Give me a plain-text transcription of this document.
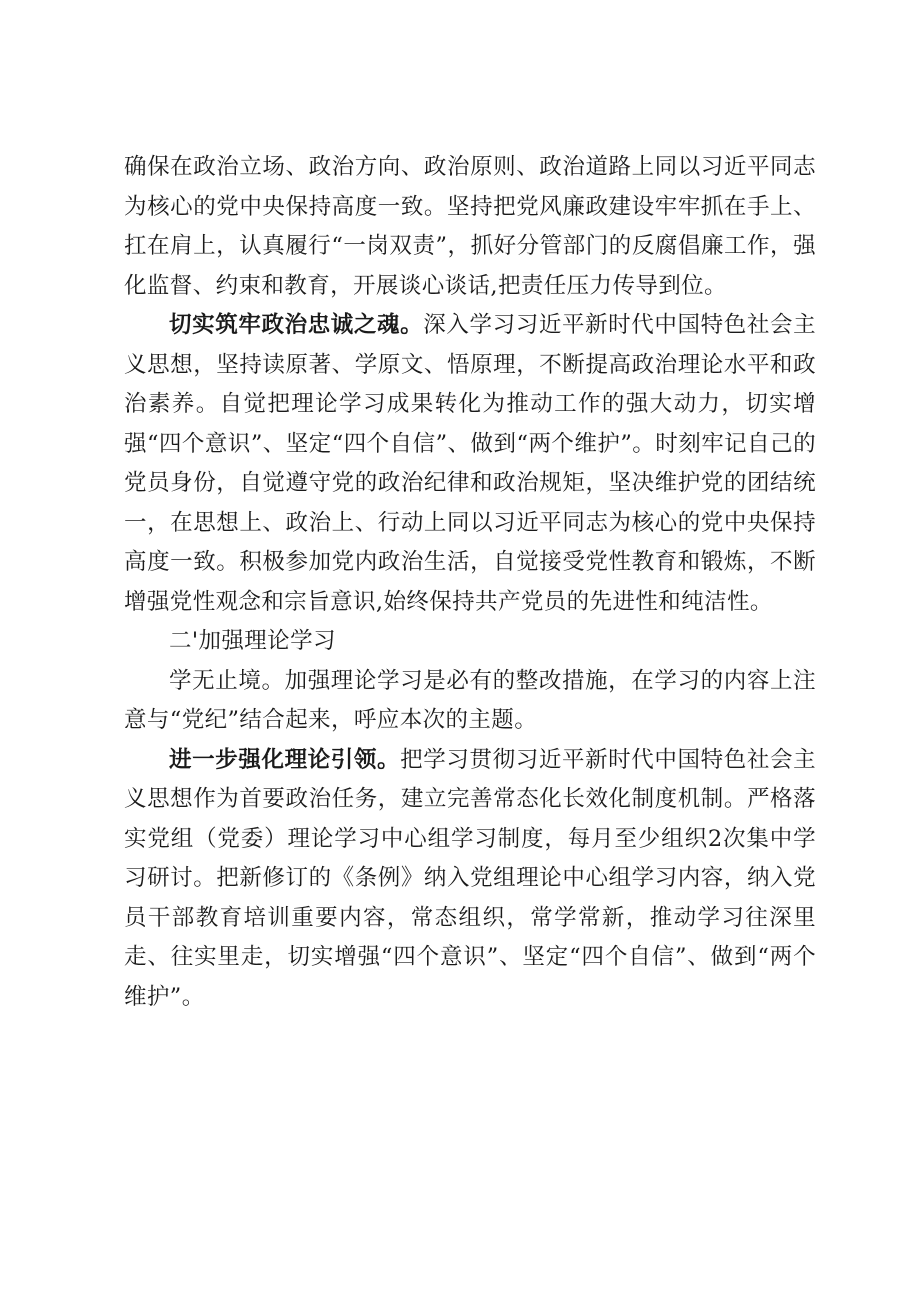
确保在政治立场、政治方向、政治原则、政治道路上同以习近平同志为核心的党中央保持高度一致。坚持把党风廉政建设牢牢抓在手上、扛在肩上，认真履行“一岗双责”，抓好分管部门的反腐倡廉工作，强化监督、约束和教育，开展谈心谈话,把责任压力传导到位。

切实筑牢政治忠诚之魂。深入学习习近平新时代中国特色社会主义思想，坚持读原著、学原文、悟原理，不断提高政治理论水平和政治素养。自觉把理论学习成果转化为推动工作的强大动力，切实增强“四个意识”、坚定“四个自信”、做到“两个维护”。时刻牢记自己的党员身份，自觉遵守党的政治纪律和政治规矩，坚决维护党的团结统一，在思想上、政治上、行动上同以习近平同志为核心的党中央保持高度一致。积极参加党内政治生活，自觉接受党性教育和锻炼，不断增强党性观念和宗旨意识,始终保持共产党员的先进性和纯洁性。

二'加强理论学习

学无止境。加强理论学习是必有的整改措施，在学习的内容上注意与“党纪”结合起来，呼应本次的主题。

进一步强化理论引领。把学习贯彻习近平新时代中国特色社会主义思想作为首要政治任务，建立完善常态化长效化制度机制。严格落实党组（党委）理论学习中心组学习制度，每月至少组织2次集中学习研讨。把新修订的《条例》纳入党组理论中心组学习内容，纳入党员干部教育培训重要内容，常态组织，常学常新，推动学习往深里走、往实里走，切实增强“四个意识”、坚定“四个自信”、做到“两个维护”。
